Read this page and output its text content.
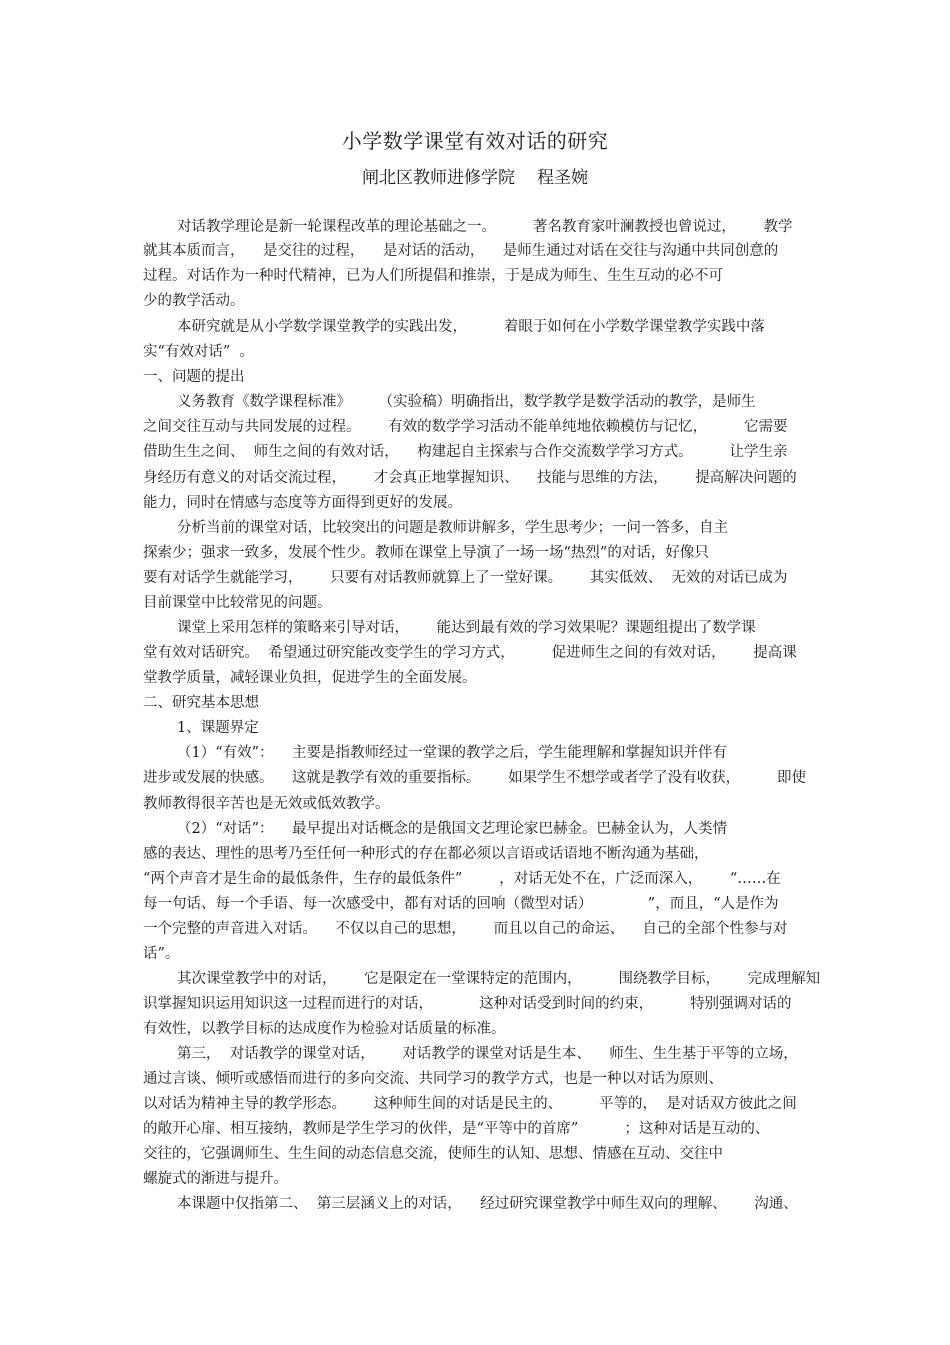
小学数学课堂有效对话的研究
闸北区教师进修学院 程圣婉
对话教学理论是新一轮课程改革的理论基础之一。        著名教育家叶澜教授也曾说过，      教学
就其本质而言，    是交往的过程，    是对话的活动，    是师生通过对话在交往与沟通中共同创意的
过程。对话作为一种时代精神，已为人们所提倡和推崇，于是成为师生、生生互动的必不可
少的教学活动。
本研究就是从小学数学课堂教学的实践出发，        着眼于如何在小学数学课堂教学实践中落
实“有效对话”  。
一、问题的提出
义务教育《数学课程标准》      （实验稿）明确指出，数学教学是数学活动的教学，是师生
之间交往互动与共同发展的过程。      有效的数学学习活动不能单纯地依赖模仿与记忆，        它需要
借助生生之间、  师生之间的有效对话，    构建起自主探索与合作交流数学学习方式。        让学生亲
身经历有意义的对话交流过程，      才会真正地掌握知识、    技能与思维的方法，      提高解决问题的
能力，同时在情感与态度等方面得到更好的发展。
分析当前的课堂对话，比较突出的问题是教师讲解多，学生思考少；一问一答多，自主
探索少；强求一致多，发展个性少。教师在课堂上导演了一场一场“热烈”的对话，好像只
要有对话学生就能学习，      只要有对话教师就算上了一堂好课。      其实低效、  无效的对话已成为
目前课堂中比较常见的问题。
课堂上采用怎样的策略来引导对话，      能达到最有效的学习效果呢？课题组提出了数学课
堂有效对话研究。  希望通过研究能改变学生的学习方式，        促进师生之间的有效对话，      提高课
堂教学质量，减轻课业负担，促进学生的全面发展。
二、研究基本思想
1、课题界定
（1）“有效”：    主要是指教师经过一堂课的教学之后，学生能理解和掌握知识并伴有
进步或发展的快感。    这就是教学有效的重要指标。      如果学生不想学或者学了没有收获，        即使
教师教得很辛苦也是无效或低效教学。
（2）“对话”：    最早提出对话概念的是俄国文艺理论家巴赫金。巴赫金认为，人类情
感的表达、理性的思考乃至任何一种形式的存在都必须以言语或话语地不断沟通为基础，
“两个声音才是生命的最低条件，生存的最低条件”        ，对话无处不在，广泛而深入，      “……在
每一句话、每一个手语、每一次感受中，都有对话的回响（微型对话）            ”，而且，“人是作为
一个完整的声音进入对话。    不仅以自己的思想，      而且以自己的命运、    自己的全部个性参与对
话”。
其次课堂教学中的对话，      它是限定在一堂课特定的范围内，        围绕教学目标，      完成理解知
识掌握知识运用知识这一过程而进行的对话，          这种对话受到时间的约束，        特别强调对话的
有效性，以教学目标的达成度作为检验对话质量的标准。
第三，  对话教学的课堂对话，      对话教学的课堂对话是生本、    师生、生生基于平等的立场，
通过言谈、倾听或感悟而进行的多向交流、共同学习的教学方式，也是一种以对话为原则、
以对话为精神主导的教学形态。      这种师生间的对话是民主的、        平等的，  是对话双方彼此之间
的敞开心扉、相互接纳，教师是学生学习的伙伴，是“平等中的首席”          ；这种对话是互动的、
交往的，它强调师生、生生间的动态信息交流，使师生的认知、思想、情感在互动、交往中
螺旋式的渐进与提升。
本课题中仅指第二、  第三层涵义上的对话，    经过研究课堂教学中师生双向的理解、      沟通、
